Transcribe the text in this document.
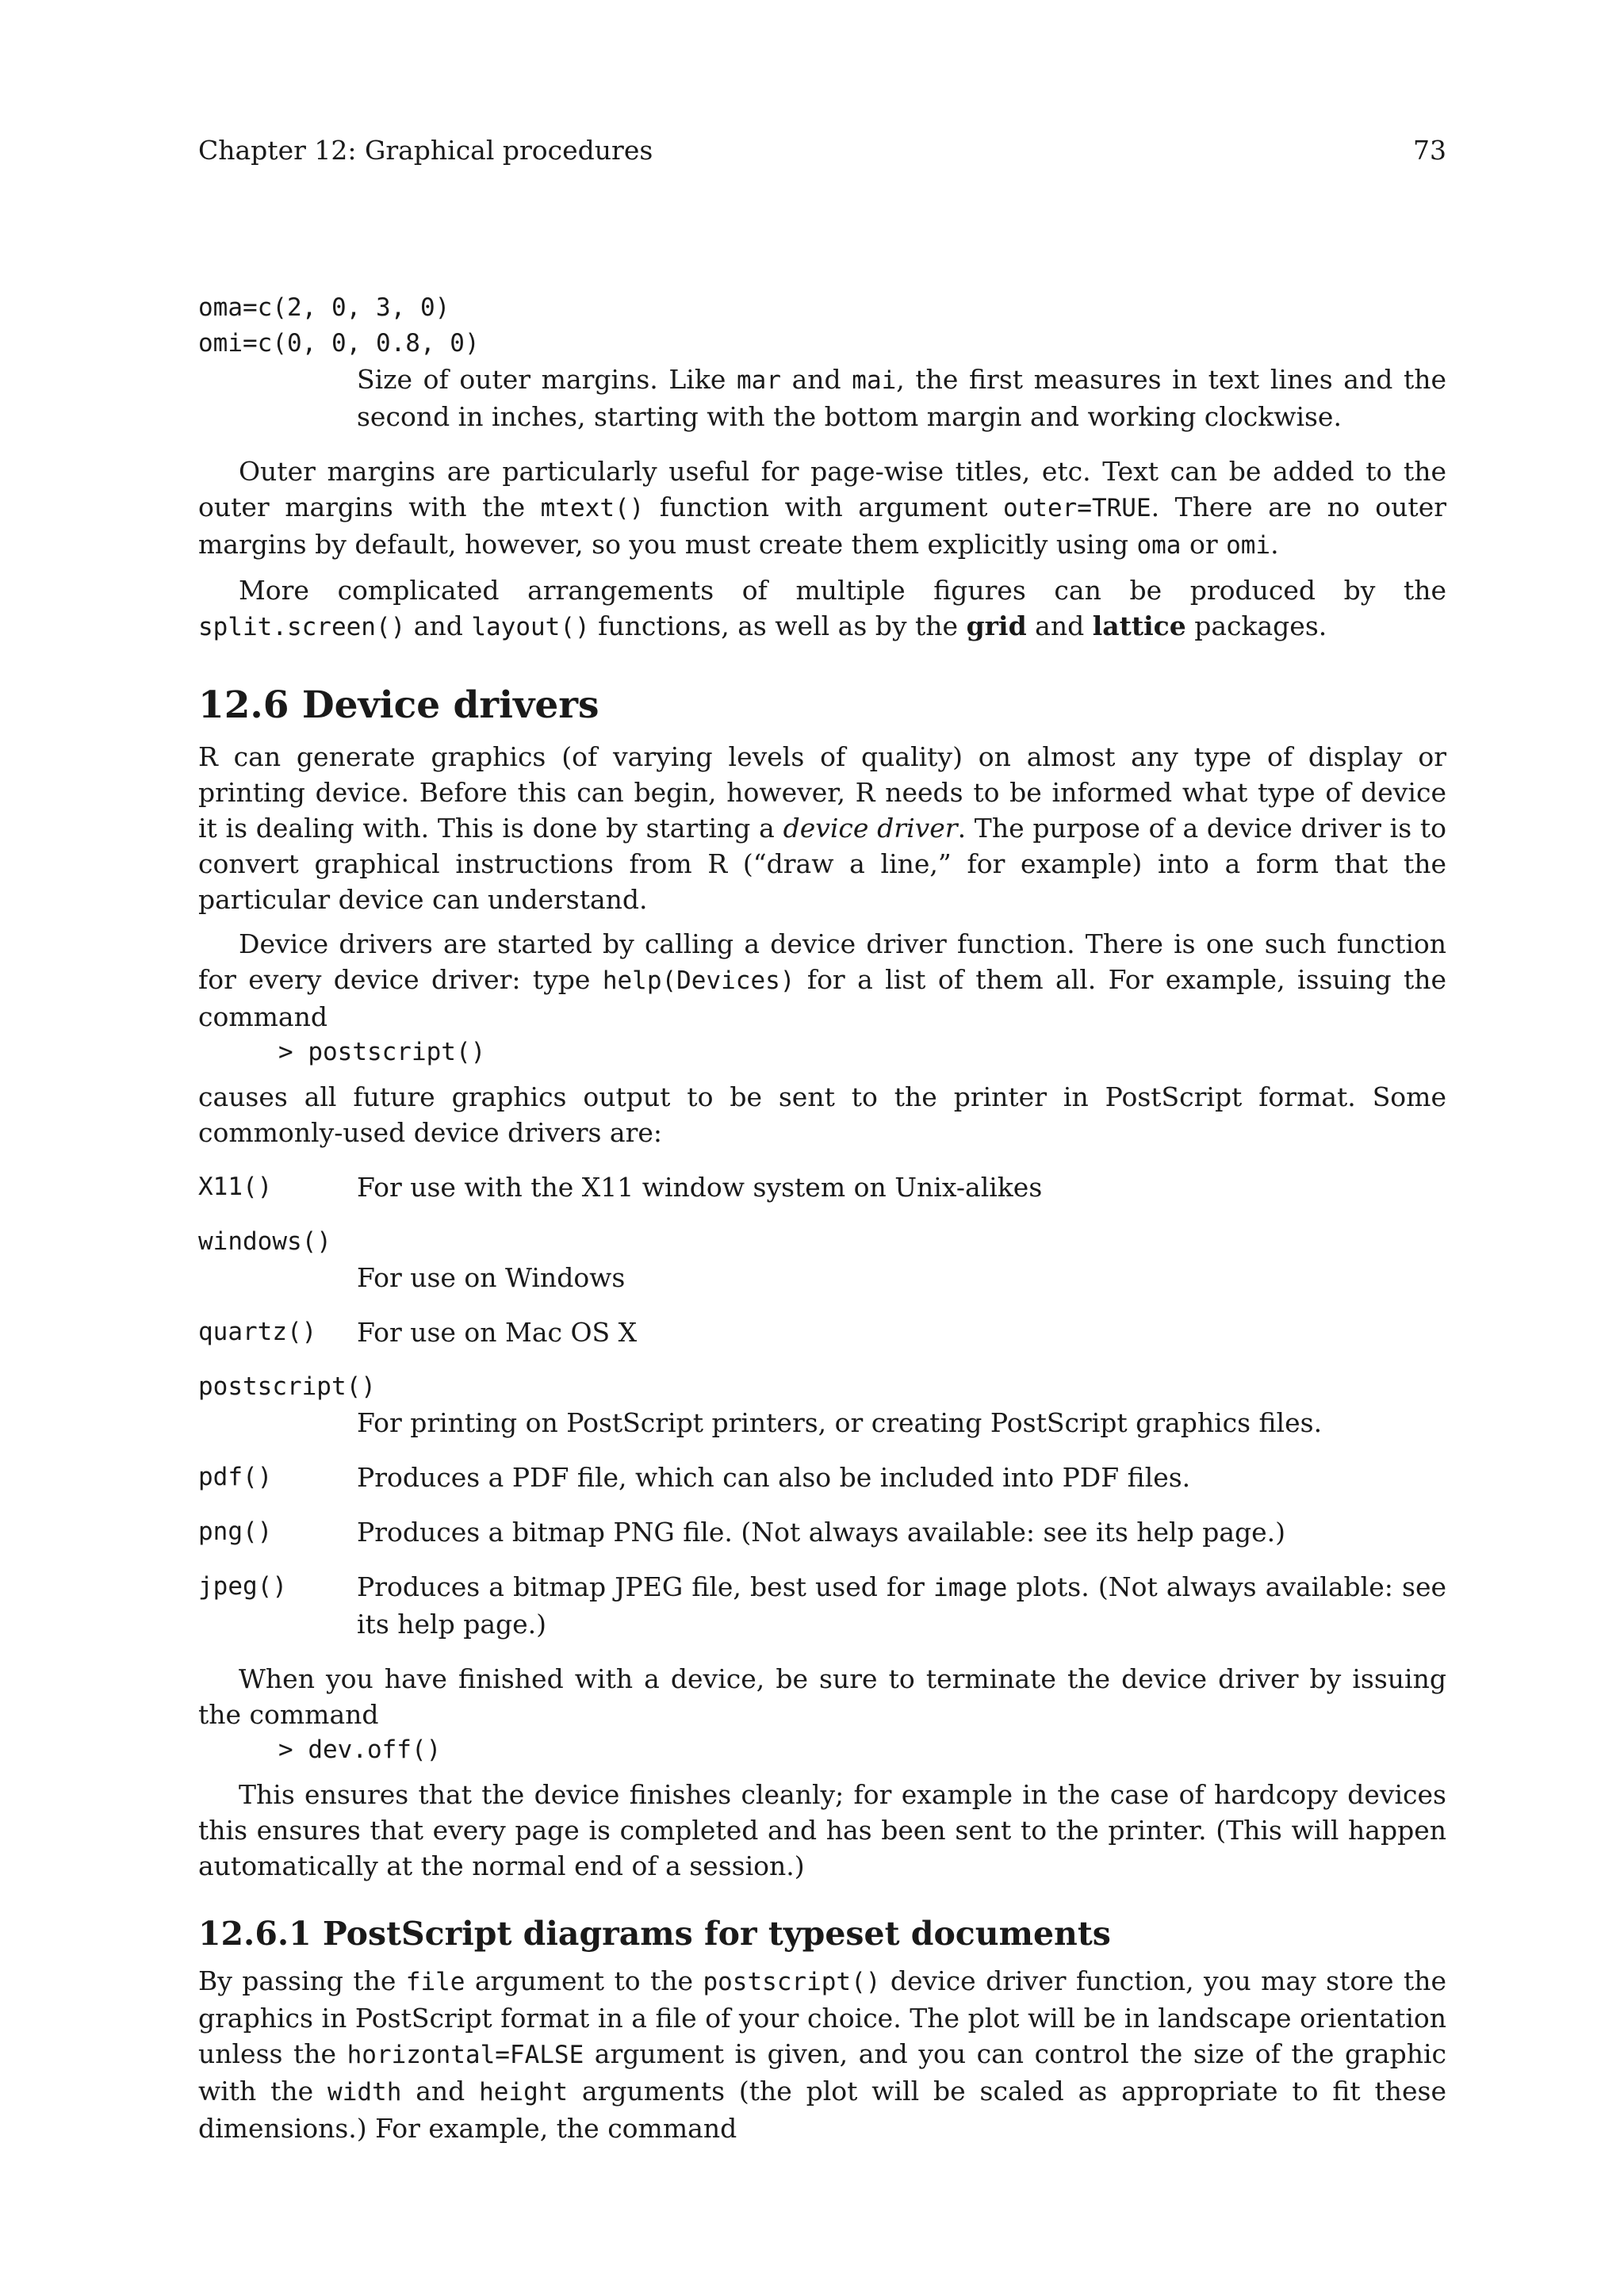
Chapter 12: Graphical procedures	73

oma=c(2, 0, 3, 0)

omi=c(0, 0, 0.8, 0)

Size of outer margins. Like mar and mai, the first measures in text lines and the second in inches, starting with the bottom margin and working clockwise.

Outer margins are particularly useful for page-wise titles, etc. Text can be added to the outer margins with the mtext() function with argument outer=TRUE. There are no outer margins by default, however, so you must create them explicitly using oma or omi.

More complicated arrangements of multiple figures can be produced by the split.screen() and layout() functions, as well as by the grid and lattice packages.

12.6 Device drivers

R can generate graphics (of varying levels of quality) on almost any type of display or printing device. Before this can begin, however, R needs to be informed what type of device it is dealing with. This is done by starting a device driver. The purpose of a device driver is to convert graphical instructions from R (“draw a line,” for example) into a form that the particular device can understand.

Device drivers are started by calling a device driver function. There is one such function for every device driver: type help(Devices) for a list of them all. For example, issuing the command

> postscript()

causes all future graphics output to be sent to the printer in PostScript format. Some commonly-used device drivers are:

X11()	For use with the X11 window system on Unix-alikes
windows()
For use on Windows
quartz()	For use on Mac OS X
postscript()
For printing on PostScript printers, or creating PostScript graphics files.
pdf()	Produces a PDF file, which can also be included into PDF files.
png()	Produces a bitmap PNG file. (Not always available: see its help page.)
jpeg()	Produces a bitmap JPEG file, best used for image plots. (Not always available: see its help page.)

When you have finished with a device, be sure to terminate the device driver by issuing the command

> dev.off()

This ensures that the device finishes cleanly; for example in the case of hardcopy devices this ensures that every page is completed and has been sent to the printer. (This will happen automatically at the normal end of a session.)

12.6.1 PostScript diagrams for typeset documents

By passing the file argument to the postscript() device driver function, you may store the graphics in PostScript format in a file of your choice. The plot will be in landscape orientation unless the horizontal=FALSE argument is given, and you can control the size of the graphic with the width and height arguments (the plot will be scaled as appropriate to fit these dimensions.) For example, the command
